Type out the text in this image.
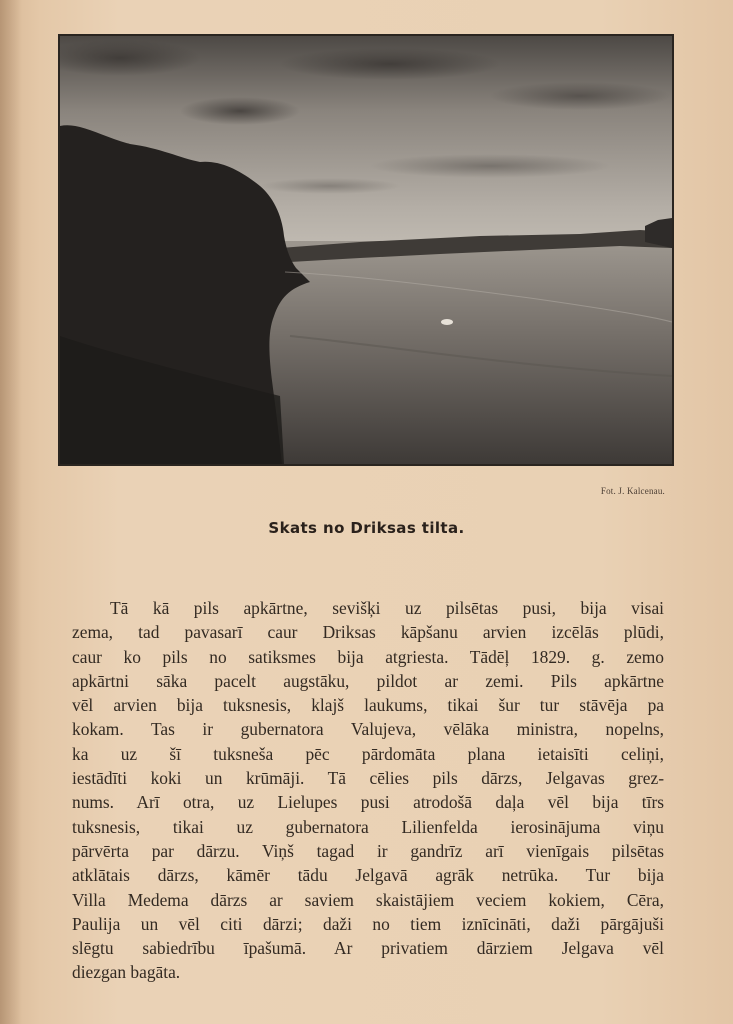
Fot. J. Kalcenau.
Skats no Driksas tilta.
Tā kā pils apkārtne, sevišķi uz pilsētas pusi, bija visai
zema, tad pavasarī caur Driksas kāpšanu arvien izcēlās plūdi,
caur ko pils no satiksmes bija atgriesta. Tādēļ 1829. g. zemo
apkārtni sāka pacelt augstāku, pildot ar zemi. Pils apkārtne
vēl arvien bija tuksnesis, klajš laukums, tikai šur tur stāvēja pa
kokam. Tas ir gubernatora Valujeva, vēlāka ministra, nopelns,
ka uz šī tuksneša pēc pārdomāta plana ietaisīti celiņi,
iestādīti koki un krūmāji. Tā cēlies pils dārzs, Jelgavas grez-
nums. Arī otra, uz Lielupes pusi atrodošā daļa vēl bija tīrs
tuksnesis, tikai uz gubernatora Lilienfelda ierosinājuma viņu
pārvērta par dārzu. Viņš tagad ir gandrīz arī vienīgais pilsētas
atklātais dārzs, kāmēr tādu Jelgavā agrāk netrūka. Tur bija
Villa Medema dārzs ar saviem skaistājiem veciem kokiem, Cēra,
Paulija un vēl citi dārzi; daži no tiem iznīcināti, daži pārgājuši
slēgtu sabiedrību īpašumā. Ar privatiem dārziem Jelgava vēl
diezgan bagāta.
